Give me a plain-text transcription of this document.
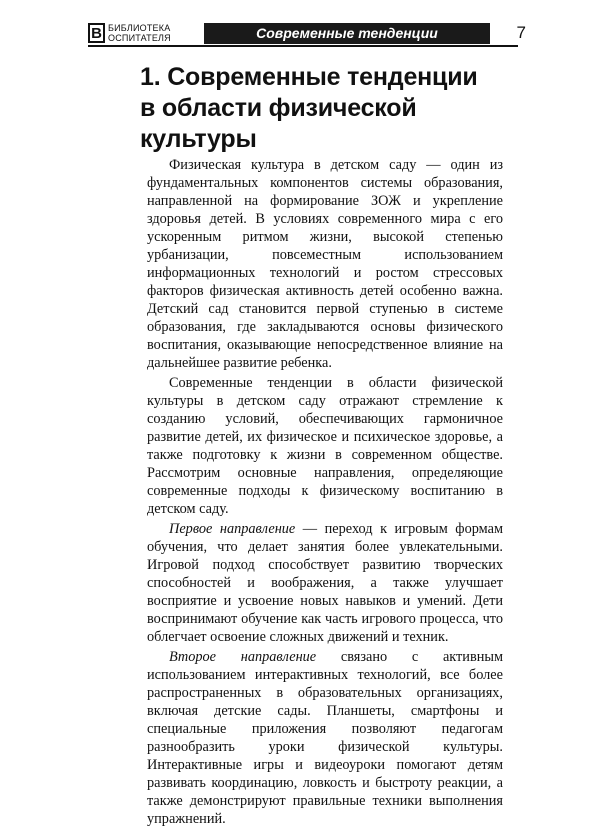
В БИБЛИОТЕКА
ОСПИТАТЕЛЯ	Современные тенденции	7
1. Современные тенденции
в области физической
культуры

Физическая культура в детском саду — один из фундаментальных компонентов системы образования, направленной на формирование ЗОЖ и укрепление здоровья детей. В условиях современного мира с его ускоренным ритмом жизни, высокой степенью урбанизации, повсеместным использованием информационных технологий и ростом стрессовых факторов физическая активность детей особенно важна. Детский сад становится первой ступенью в системе образования, где закладываются основы физического воспитания, оказывающие непосредственное влияние на дальнейшее развитие ребенка.

Современные тенденции в области физической культуры в детском саду отражают стремление к созданию условий, обеспечивающих гармоничное развитие детей, их физическое и психическое здоровье, а также подготовку к жизни в современном обществе. Рассмотрим основные направления, определяющие современные подходы к физическому воспитанию в детском саду.

Первое направление — переход к игровым формам обучения, что делает занятия более увлекательными. Игровой подход способствует развитию творческих способностей и воображения, а также улучшает восприятие и усвоение новых навыков и умений. Дети воспринимают обучение как часть игрового процесса, что облегчает освоение сложных движений и техник.

Второе направление связано с активным использованием интерактивных технологий, все более распространенных в образовательных организациях, включая детские сады. Планшеты, смартфоны и специальные приложения позволяют педагогам разнообразить уроки физической культуры. Интерактивные игры и видеоуроки помогают детям развивать координацию, ловкость и быстроту реакции, а также демонстрируют правильные техники выполнения упражнений.
